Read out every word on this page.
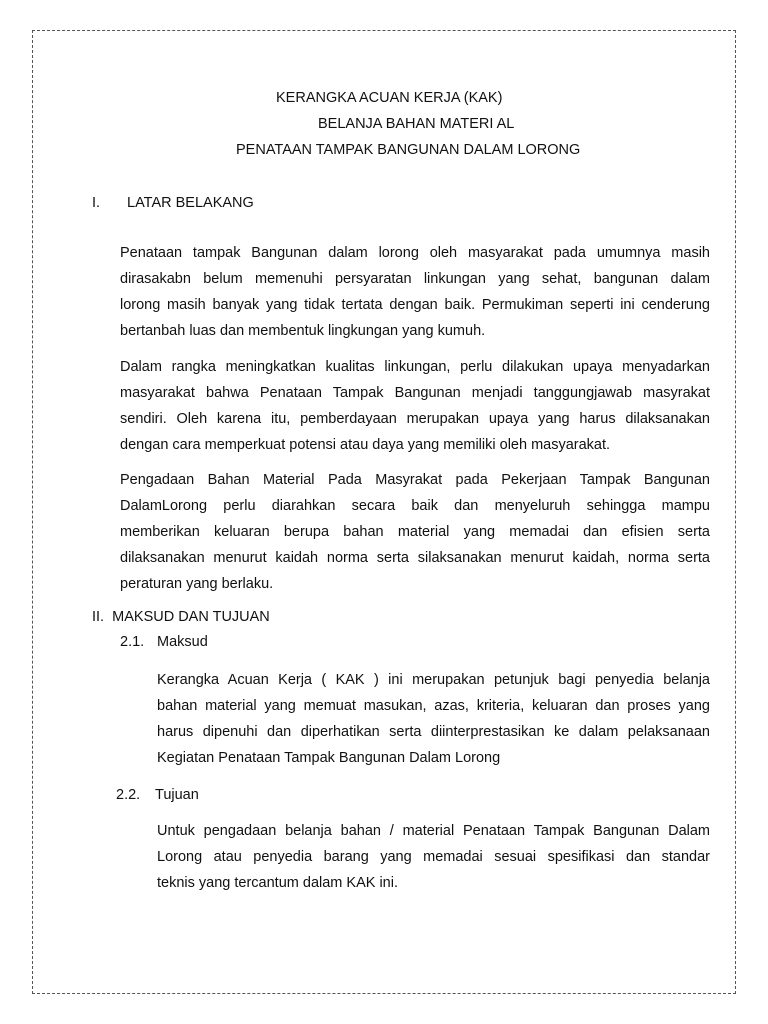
KERANGKA ACUAN KERJA (KAK)
BELANJA BAHAN MATERI AL
PENATAAN TAMPAK BANGUNAN DALAM LORONG
I. LATAR BELAKANG
Penataan tampak Bangunan dalam lorong oleh masyarakat pada umumnya masih
dirasakabn belum memenuhi persyaratan linkungan yang sehat, bangunan dalam
lorong masih banyak yang tidak tertata dengan baik. Permukiman seperti ini cenderung
bertanbah luas dan membentuk lingkungan yang kumuh.
Dalam rangka meningkatkan kualitas linkungan, perlu dilakukan upaya menyadarkan
masyarakat bahwa Penataan Tampak Bangunan menjadi tanggungjawab masyrakat
sendiri. Oleh karena itu, pemberdayaan merupakan upaya yang harus dilaksanakan
dengan cara memperkuat potensi atau daya yang memiliki oleh masyarakat.
Pengadaan Bahan Material Pada Masyrakat pada Pekerjaan Tampak Bangunan
DalamLorong perlu diarahkan secara baik dan menyeluruh sehingga mampu
memberikan keluaran berupa bahan material yang memadai dan efisien serta
dilaksanakan menurut kaidah norma serta silaksanakan menurut kaidah, norma serta
peraturan yang berlaku.
II.  MAKSUD DAN TUJUAN
2.1. Maksud
Kerangka Acuan Kerja ( KAK ) ini merupakan petunjuk bagi penyedia belanja
bahan material yang memuat masukan, azas, kriteria, keluaran dan proses yang
harus dipenuhi dan diperhatikan serta diinterprestasikan ke dalam pelaksanaan
Kegiatan Penataan Tampak Bangunan Dalam Lorong
2.2. Tujuan
Untuk pengadaan belanja bahan / material Penataan Tampak Bangunan Dalam
Lorong atau penyedia barang yang memadai sesuai spesifikasi dan standar
teknis yang tercantum dalam KAK ini.
